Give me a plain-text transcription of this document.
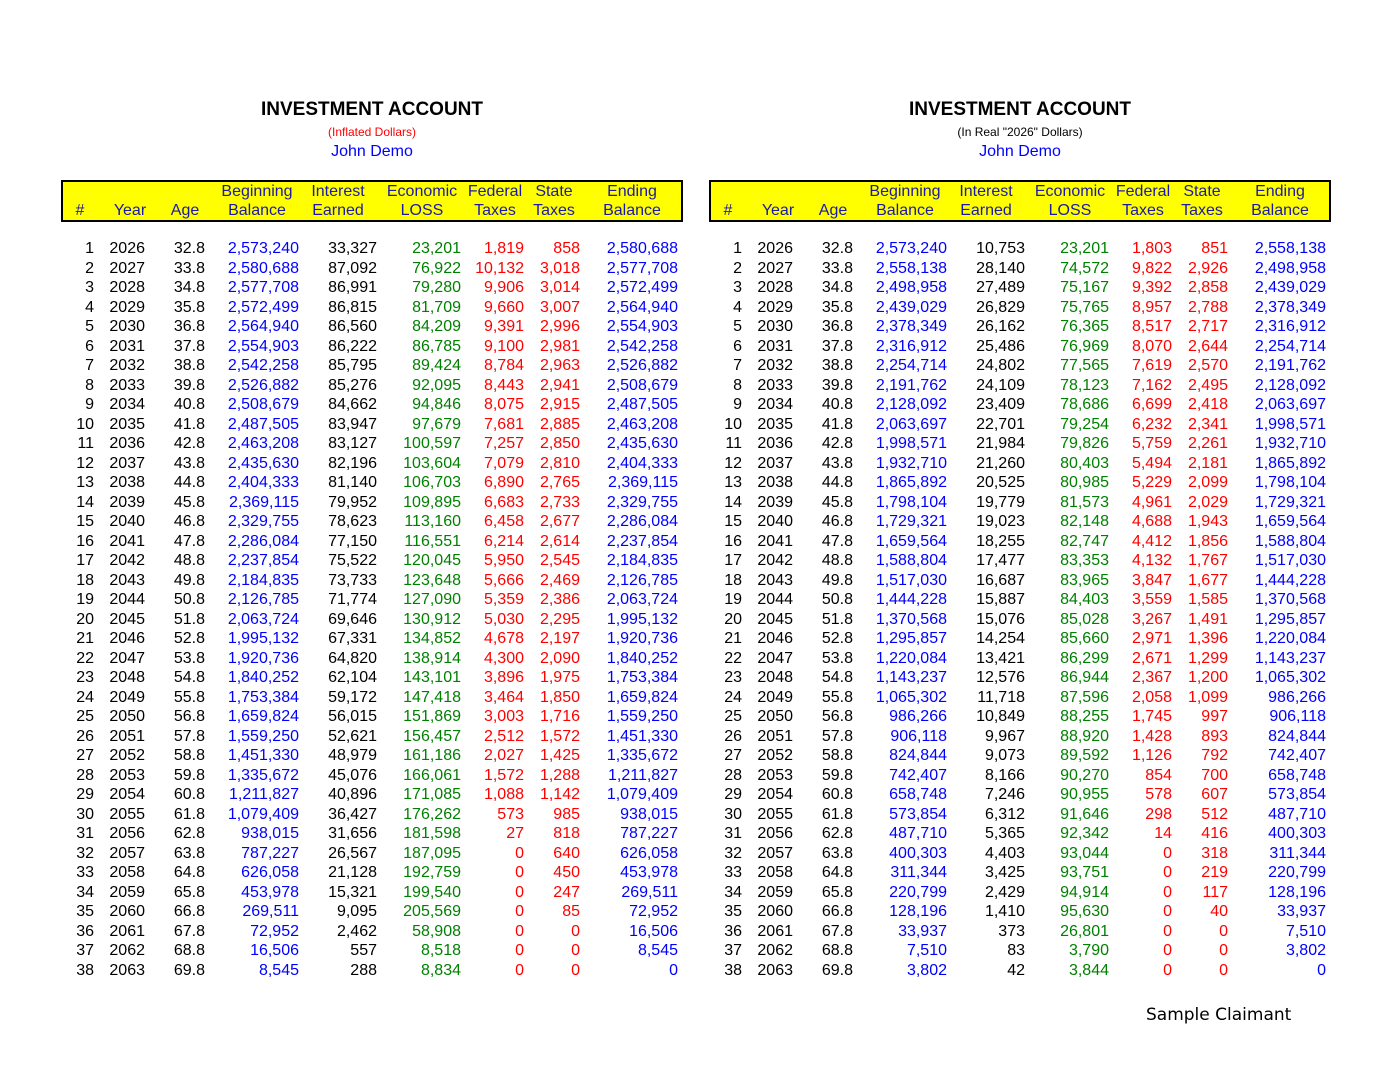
INVESTMENT ACCOUNT
(Inflated Dollars)
John Demo
#	Year	Age
Beginning
Balance
Interest
Earned
Economic
LOSS
Federal
Taxes
State
Taxes
Ending
Balance
1 2026 32.8 2,573,240 33,327 23,201 1,819 858 2,580,688
2 2027 33.8 2,580,688 87,092 76,922 10,132 3,018 2,577,708
3 2028 34.8 2,577,708 86,991 79,280 9,906 3,014 2,572,499
4 2029 35.8 2,572,499 86,815 81,709 9,660 3,007 2,564,940
5 2030 36.8 2,564,940 86,560 84,209 9,391 2,996 2,554,903
6 2031 37.8 2,554,903 86,222 86,785 9,100 2,981 2,542,258
7 2032 38.8 2,542,258 85,795 89,424 8,784 2,963 2,526,882
8 2033 39.8 2,526,882 85,276 92,095 8,443 2,941 2,508,679
9 2034 40.8 2,508,679 84,662 94,846 8,075 2,915 2,487,505
10 2035 41.8 2,487,505 83,947 97,679 7,681 2,885 2,463,208
11 2036 42.8 2,463,208 83,127 100,597 7,257 2,850 2,435,630
12 2037 43.8 2,435,630 82,196 103,604 7,079 2,810 2,404,333
13 2038 44.8 2,404,333 81,140 106,703 6,890 2,765 2,369,115
14 2039 45.8 2,369,115 79,952 109,895 6,683 2,733 2,329,755
15 2040 46.8 2,329,755 78,623 113,160 6,458 2,677 2,286,084
16 2041 47.8 2,286,084 77,150 116,551 6,214 2,614 2,237,854
17 2042 48.8 2,237,854 75,522 120,045 5,950 2,545 2,184,835
18 2043 49.8 2,184,835 73,733 123,648 5,666 2,469 2,126,785
19 2044 50.8 2,126,785 71,774 127,090 5,359 2,386 2,063,724
20 2045 51.8 2,063,724 69,646 130,912 5,030 2,295 1,995,132
21 2046 52.8 1,995,132 67,331 134,852 4,678 2,197 1,920,736
22 2047 53.8 1,920,736 64,820 138,914 4,300 2,090 1,840,252
23 2048 54.8 1,840,252 62,104 143,101 3,896 1,975 1,753,384
24 2049 55.8 1,753,384 59,172 147,418 3,464 1,850 1,659,824
25 2050 56.8 1,659,824 56,015 151,869 3,003 1,716 1,559,250
26 2051 57.8 1,559,250 52,621 156,457 2,512 1,572 1,451,330
27 2052 58.8 1,451,330 48,979 161,186 2,027 1,425 1,335,672
28 2053 59.8 1,335,672 45,076 166,061 1,572 1,288 1,211,827
29 2054 60.8 1,211,827 40,896 171,085 1,088 1,142 1,079,409
30 2055 61.8 1,079,409 36,427 176,262 573 985	938,015
31 2056 62.8 938,015 31,656 181,598	27 818	787,227
32 2057 63.8 787,227 26,567 187,095	0 640	626,058
33 2058 64.8 626,058 21,128 192,759	0 450	453,978
34 2059 65.8 453,978 15,321 199,540	0 247	269,511
35 2060 66.8 269,511 9,095 205,569	0 85	72,952
36 2061 67.8	72,952 2,462 58,908	0	0	16,506
37 2062 68.8	16,506	557	8,518	0	0	8,545
38 2063 69.8	8,545	288	8,834	0	0	0
INVESTMENT ACCOUNT
(In Real "2026" Dollars)
John Demo
#	Year	Age
Beginning
Balance
Interest
Earned
Economic
LOSS
Federal
Taxes
State
Taxes
Ending
Balance
1 2026 32.8 2,573,240 10,753 23,201 1,803 851 2,558,138
2 2027 33.8 2,558,138 28,140 74,572 9,822 2,926 2,498,958
3 2028 34.8 2,498,958 27,489 75,167 9,392 2,858 2,439,029
4 2029 35.8 2,439,029 26,829 75,765 8,957 2,788 2,378,349
5 2030 36.8 2,378,349 26,162 76,365 8,517 2,717 2,316,912
6 2031 37.8 2,316,912 25,486 76,969 8,070 2,644 2,254,714
7 2032 38.8 2,254,714 24,802 77,565 7,619 2,570 2,191,762
8 2033 39.8 2,191,762 24,109 78,123 7,162 2,495 2,128,092
9 2034 40.8 2,128,092 23,409 78,686 6,699 2,418 2,063,697
10 2035 41.8 2,063,697 22,701 79,254 6,232 2,341 1,998,571
11 2036 42.8 1,998,571 21,984 79,826 5,759 2,261 1,932,710
12 2037 43.8 1,932,710 21,260 80,403 5,494 2,181 1,865,892
13 2038 44.8 1,865,892 20,525 80,985 5,229 2,099 1,798,104
14 2039 45.8 1,798,104 19,779 81,573 4,961 2,029 1,729,321
15 2040 46.8 1,729,321 19,023 82,148 4,688 1,943 1,659,564
16 2041 47.8 1,659,564 18,255 82,747 4,412 1,856 1,588,804
17 2042 48.8 1,588,804 17,477 83,353 4,132 1,767 1,517,030
18 2043 49.8 1,517,030 16,687 83,965 3,847 1,677 1,444,228
19 2044 50.8 1,444,228 15,887 84,403 3,559 1,585 1,370,568
20 2045 51.8 1,370,568 15,076 85,028 3,267 1,491 1,295,857
21 2046 52.8 1,295,857 14,254 85,660 2,971 1,396 1,220,084
22 2047 53.8 1,220,084 13,421 86,299 2,671 1,299 1,143,237
23 2048 54.8 1,143,237 12,576 86,944 2,367 1,200 1,065,302
24 2049 55.8 1,065,302 11,718 87,596 2,058 1,099	986,266
25 2050 56.8 986,266 10,849 88,255 1,745 997	906,118
26 2051 57.8 906,118 9,967 88,920 1,428 893	824,844
27 2052 58.8 824,844 9,073 89,592 1,126 792	742,407
28 2053 59.8 742,407 8,166 90,270 854 700	658,748
29 2054 60.8 658,748 7,246 90,955 578 607	573,854
30 2055 61.8 573,854 6,312 91,646 298 512	487,710
31 2056 62.8 487,710 5,365 92,342	14 416	400,303
32 2057 63.8 400,303 4,403 93,044	0 318	311,344
33 2058 64.8 311,344 3,425 93,751	0 219	220,799
34 2059 65.8 220,799 2,429 94,914	0 117	128,196
35 2060 66.8 128,196 1,410 95,630	0 40	33,937
36 2061 67.8	33,937	373 26,801	0	0	7,510
37 2062 68.8	7,510	83	3,790	0	0	3,802
38 2063 69.8	3,802	42	3,844	0	0	0
Sample Claimant
